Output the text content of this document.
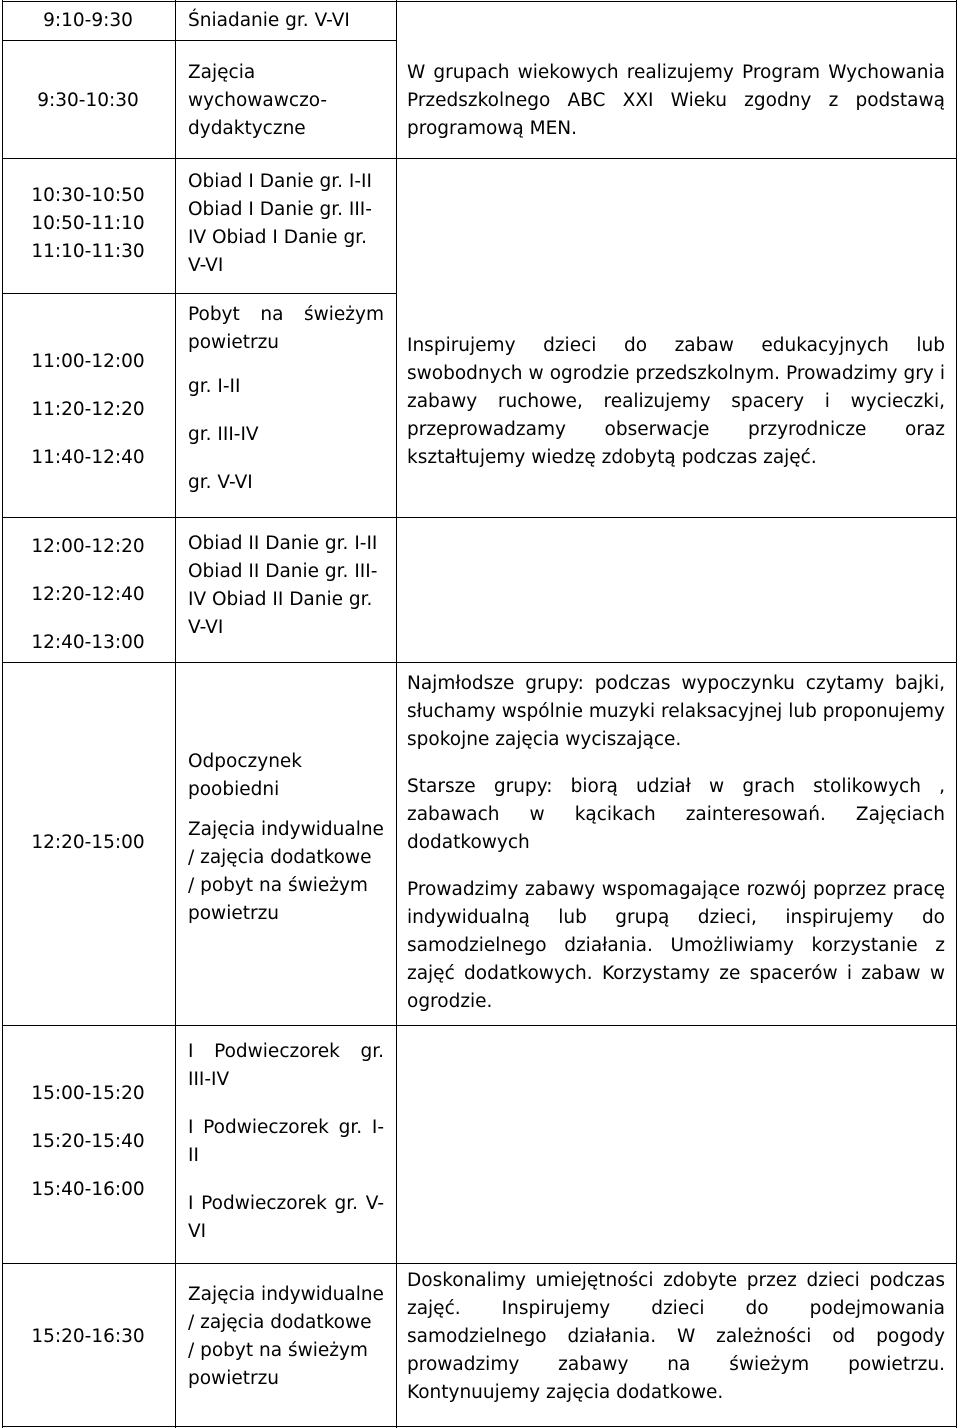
9:10-9:30	Śniadanie gr. V-VI
9:30-10:30
Zajęcia
wychowawczo-
dydaktyczne

W grupach wiekowych realizujemy Program Wychowania Przedszkolnego ABC XXI Wieku zgodny z podstawą programową MEN.

10:30-10:50
10:50-11:10
11:10-11:30
Obiad I Danie gr. I-II
Obiad I Danie gr. III-
IV Obiad I Danie gr.
V-VI
11:00-12:00
11:20-12:20
11:40-12:40
Pobyt na świeżym
powietrzu
gr. I-II
gr. III-IV
gr. V-VI

Inspirujemy dzieci do zabaw edukacyjnych lub swobodnych w ogrodzie przedszkolnym. Prowadzimy gry i zabawy ruchowe, realizujemy spacery i wycieczki, przeprowadzamy obserwacje przyrodnicze oraz kształtujemy wiedzę zdobytą podczas zajęć.

12:00-12:20
12:20-12:40
12:40-13:00
Obiad II Danie gr. I-II
Obiad II Danie gr. III-
IV Obiad II Danie gr.
V-VI
12:20-15:00
Odpoczynek
poobiedni
Zajęcia indywidualne
/ zajęcia dodatkowe
/ pobyt na świeżym
powietrzu

Najmłodsze grupy: podczas wypoczynku czytamy bajki, słuchamy wspólnie muzyki relaksacyjnej lub proponujemy spokojne zajęcia wyciszające.

Starsze grupy: biorą udział w grach stolikowych , zabawach w kącikach zainteresowań. Zajęciach dodatkowych

Prowadzimy zabawy wspomagające rozwój poprzez pracę indywidualną lub grupą dzieci, inspirujemy do samodzielnego działania. Umożliwiamy korzystanie z zajęć dodatkowych. Korzystamy ze spacerów i zabaw w ogrodzie.

15:00-15:20
15:20-15:40
15:40-16:00
I Podwieczorek gr.
III-IV
I Podwieczorek gr. I-
II
I Podwieczorek gr. V-
VI
15:20-16:30
Zajęcia indywidualne
/ zajęcia dodatkowe
/ pobyt na świeżym
powietrzu

Doskonalimy umiejętności zdobyte przez dzieci podczas zajęć. Inspirujemy dzieci do podejmowania samodzielnego działania. W zależności od pogody prowadzimy zabawy na świeżym powietrzu. Kontynuujemy zajęcia dodatkowe.
